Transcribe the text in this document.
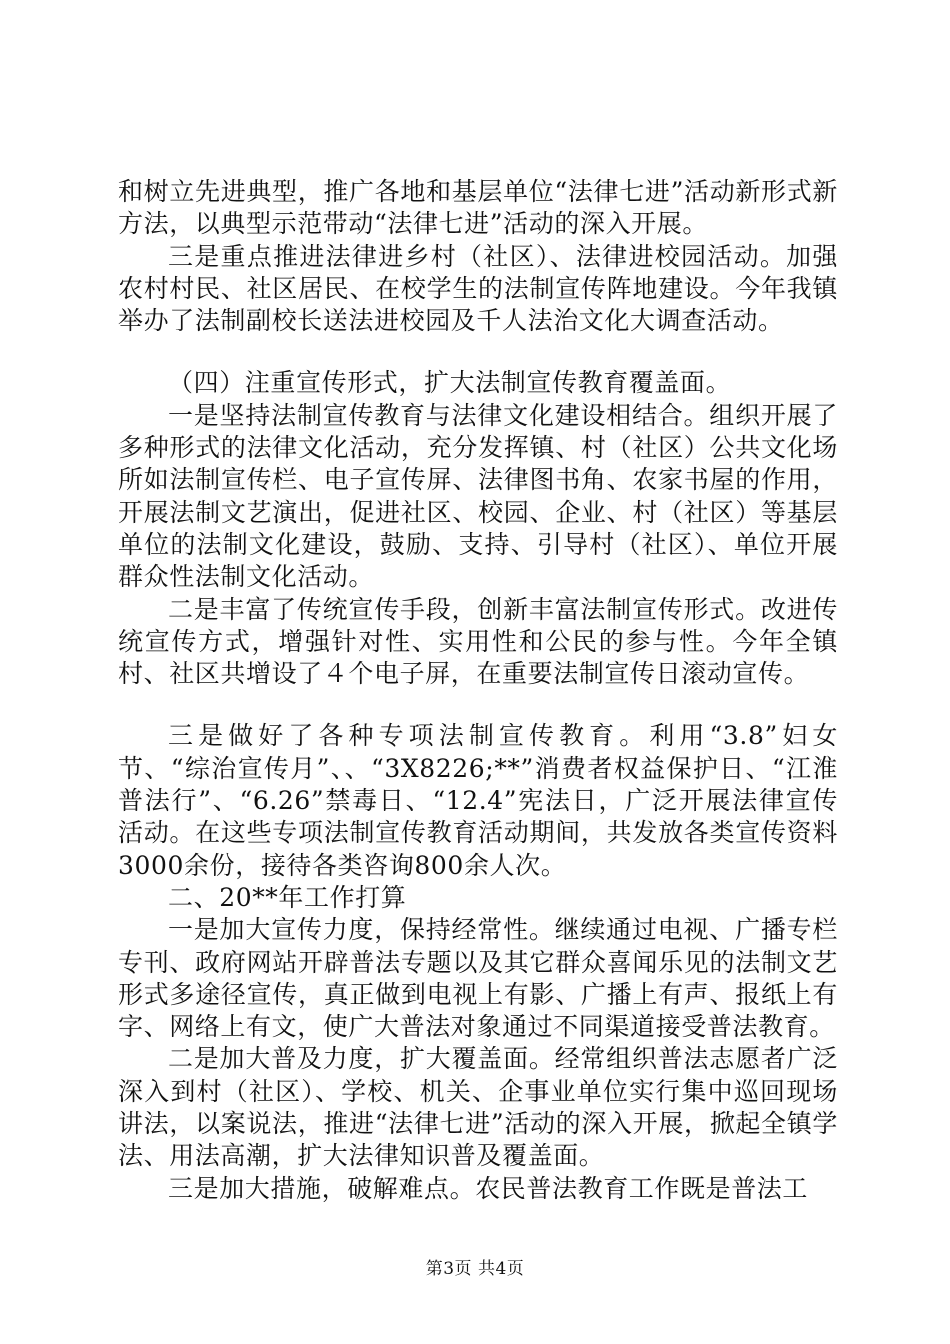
和树立先进典型，推广各地和基层单位“法律七进”活动新形式新方法，以典型示范带动“法律七进”活动的深入开展。

三是重点推进法律进乡村（社区）、法律进校园活动。加强农村村民、社区居民、在校学生的法制宣传阵地建设。今年我镇举办了法制副校长送法进校园及千人法治文化大调查活动。

（四）注重宣传形式，扩大法制宣传教育覆盖面。

一是坚持法制宣传教育与法律文化建设相结合。组织开展了多种形式的法律文化活动，充分发挥镇、村（社区）公共文化场所如法制宣传栏、电子宣传屏、法律图书角、农家书屋的作用，开展法制文艺演出，促进社区、校园、企业、村（社区）等基层单位的法制文化建设，鼓励、支持、引导村（社区）、单位开展群众性法制文化活动。

二是丰富了传统宣传手段，创新丰富法制宣传形式。改进传统宣传方式，增强针对性、实用性和公民的参与性。今年全镇村、社区共增设了４个电子屏，在重要法制宣传日滚动宣传。

三是做好了各种专项法制宣传教育。利用“3.8”妇女节、“综治宣传月”、、“3X8226;**”消费者权益保护日、“江淮普法行”、“6.26”禁毒日、“12.4”宪法日，广泛开展法律宣传活动。在这些专项法制宣传教育活动期间，共发放各类宣传资料3000余份，接待各类咨询800余人次。

二、20**年工作打算

一是加大宣传力度，保持经常性。继续通过电视、广播专栏专刊、政府网站开辟普法专题以及其它群众喜闻乐见的法制文艺形式多途径宣传，真正做到电视上有影、广播上有声、报纸上有字、网络上有文，使广大普法对象通过不同渠道接受普法教育。

二是加大普及力度，扩大覆盖面。经常组织普法志愿者广泛深入到村（社区）、学校、机关、企事业单位实行集中巡回现场讲法，以案说法，推进“法律七进”活动的深入开展，掀起全镇学法、用法高潮，扩大法律知识普及覆盖面。

三是加大措施，破解难点。农民普法教育工作既是普法工

第3页 共4页
